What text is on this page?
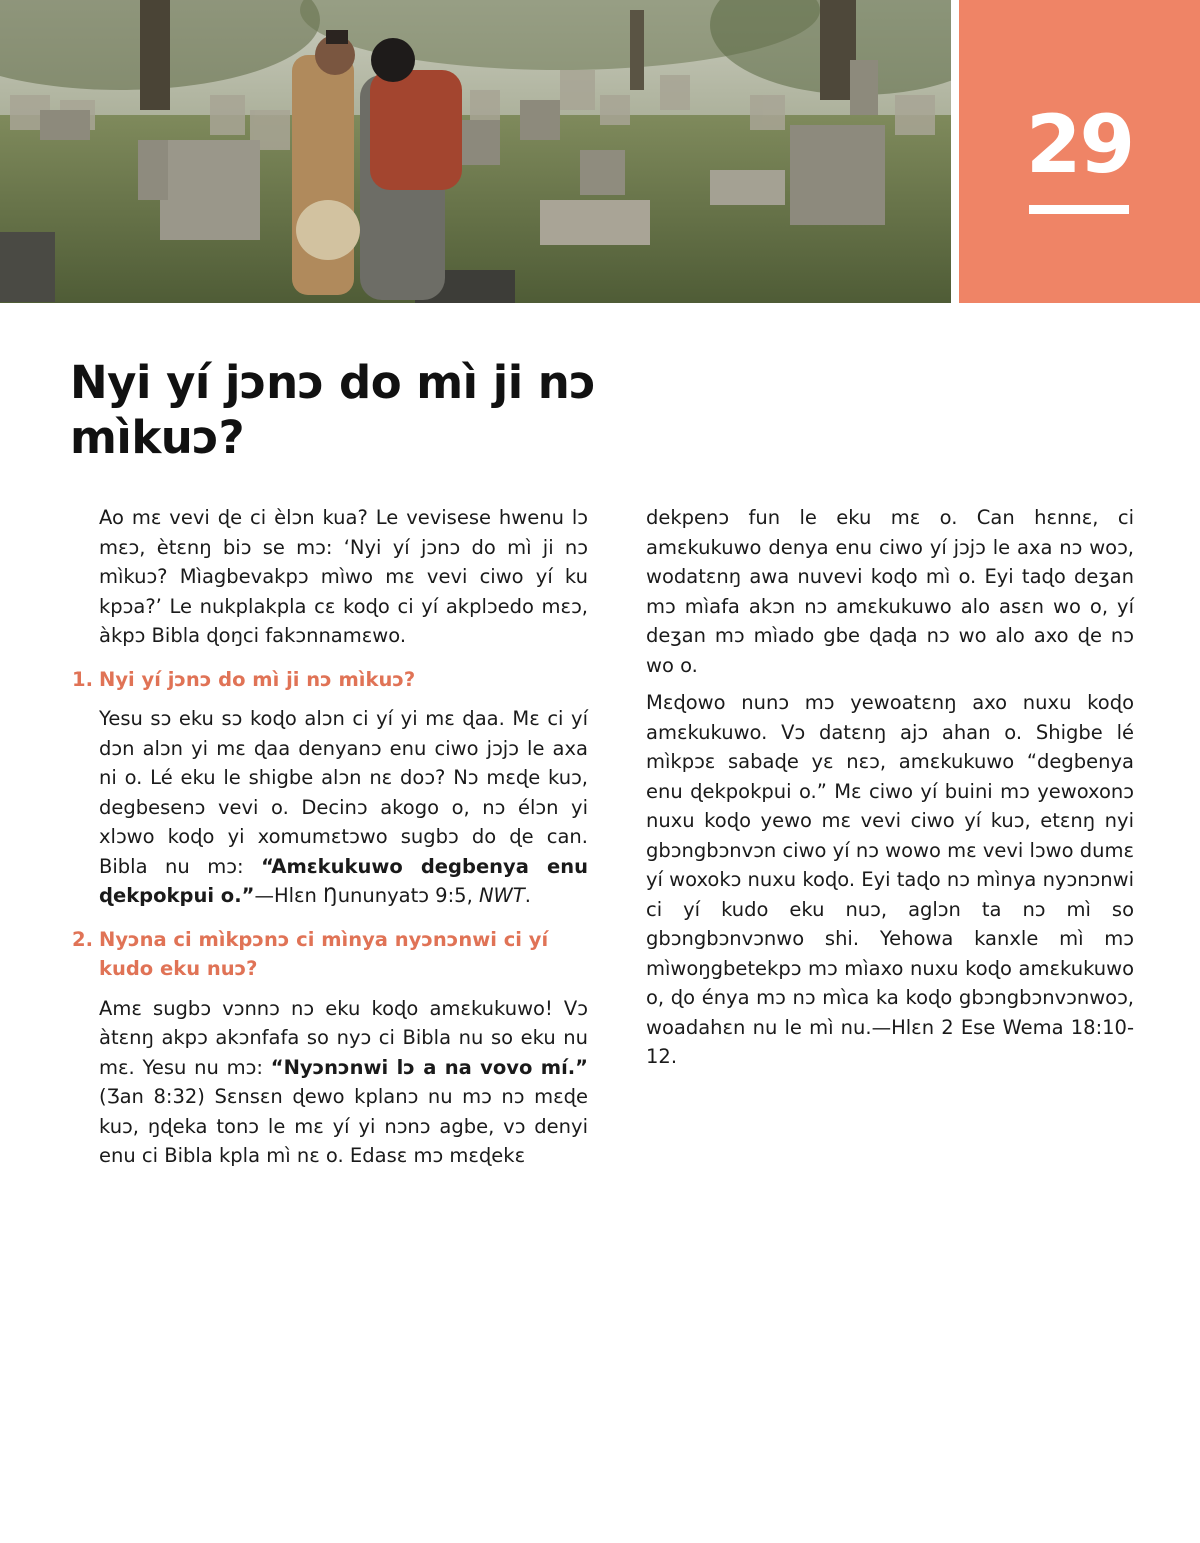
29
Nyi yí jɔnɔ do mì ji nɔ mìkuɔ?

Ao mɛ vevi ɖe ci èlɔn kua? Le vevisese hwenu lɔ mɛɔ, ètɛnŋ biɔ se mɔ: ‘Nyi yí jɔnɔ do mì ji nɔ mìkuɔ? Mìagbevakpɔ mìwo mɛ vevi ciwo yí ku kpɔa?’ Le nukplakpla cɛ koɖo ci yí akplɔedo mɛɔ, àkpɔ Bibla ɖoŋci fakɔnnamɛwo.

1. Nyi yí jɔnɔ do mì ji nɔ mìkuɔ?

Yesu sɔ eku sɔ koɖo alɔn ci yí yi mɛ ɖaa. Mɛ ci yí dɔn alɔn yi mɛ ɖaa denyanɔ enu ciwo jɔjɔ le axa ni o. Lé eku le shigbe alɔn nɛ doɔ? Nɔ mɛɖe kuɔ, degbesenɔ vevi o. Decinɔ akogo o, nɔ élɔn yi xlɔwo koɖo yi xomumɛtɔwo sugbɔ do ɖe can. Bibla nu mɔ: “Amɛkukuwo degbenya enu ɖekpokpui o.”—Hlɛn Ŋununyatɔ 9:5, NWT.

2. Nyɔna ci mìkpɔnɔ ci mìnya nyɔnɔnwi ci yí kudo eku nuɔ?

Amɛ sugbɔ vɔnnɔ nɔ eku koɖo amɛkukuwo! Vɔ àtɛnŋ akpɔ akɔnfafa so nyɔ ci Bibla nu so eku nu mɛ. Yesu nu mɔ: “Nyɔnɔnwi lɔ a na vovo mí.” (Ʒan 8:32) Sɛnsɛn ɖewo kplanɔ nu mɔ nɔ mɛɖe kuɔ, ŋɖeka tonɔ le mɛ yí yi nɔnɔ agbe, vɔ denyi enu ci Bibla kpla mì nɛ o. Edasɛ mɔ mɛɖekɛ

dekpenɔ fun le eku mɛ o. Can hɛnnɛ, ci amɛkukuwo denya enu ciwo yí jɔjɔ le axa nɔ woɔ, wodatɛnŋ awa nuvevi koɖo mì o. Eyi taɖo deʒan mɔ mìafa akɔn nɔ amɛkukuwo alo asɛn wo o, yí deʒan mɔ mìado gbe ɖaɖa nɔ wo alo axo ɖe nɔ wo o.

Mɛɖowo nunɔ mɔ yewoatɛnŋ axo nuxu koɖo amɛkukuwo. Vɔ datɛnŋ ajɔ ahan o. Shigbe lé mìkpɔɛ sabaɖe yɛ nɛɔ, amɛkukuwo “degbenya enu ɖekpokpui o.” Mɛ ciwo yí buini mɔ yewoxonɔ nuxu koɖo yewo mɛ vevi ciwo yí kuɔ, etɛnŋ nyi gbɔngbɔnvɔn ciwo yí nɔ wowo mɛ vevi lɔwo dumɛ yí woxokɔ nuxu koɖo. Eyi taɖo nɔ mìnya nyɔnɔnwi ci yí kudo eku nuɔ, aglɔn ta nɔ mì so gbɔngbɔnvɔnwo shi. Yehowa kanxle mì mɔ mìwoŋgbetekpɔ mɔ mìaxo nuxu koɖo amɛkukuwo o, ɖo énya mɔ nɔ mìca ka koɖo gbɔngbɔnvɔnwoɔ, woadahɛn nu le mì nu.—Hlɛn 2 Ese Wema 18:10-12.
